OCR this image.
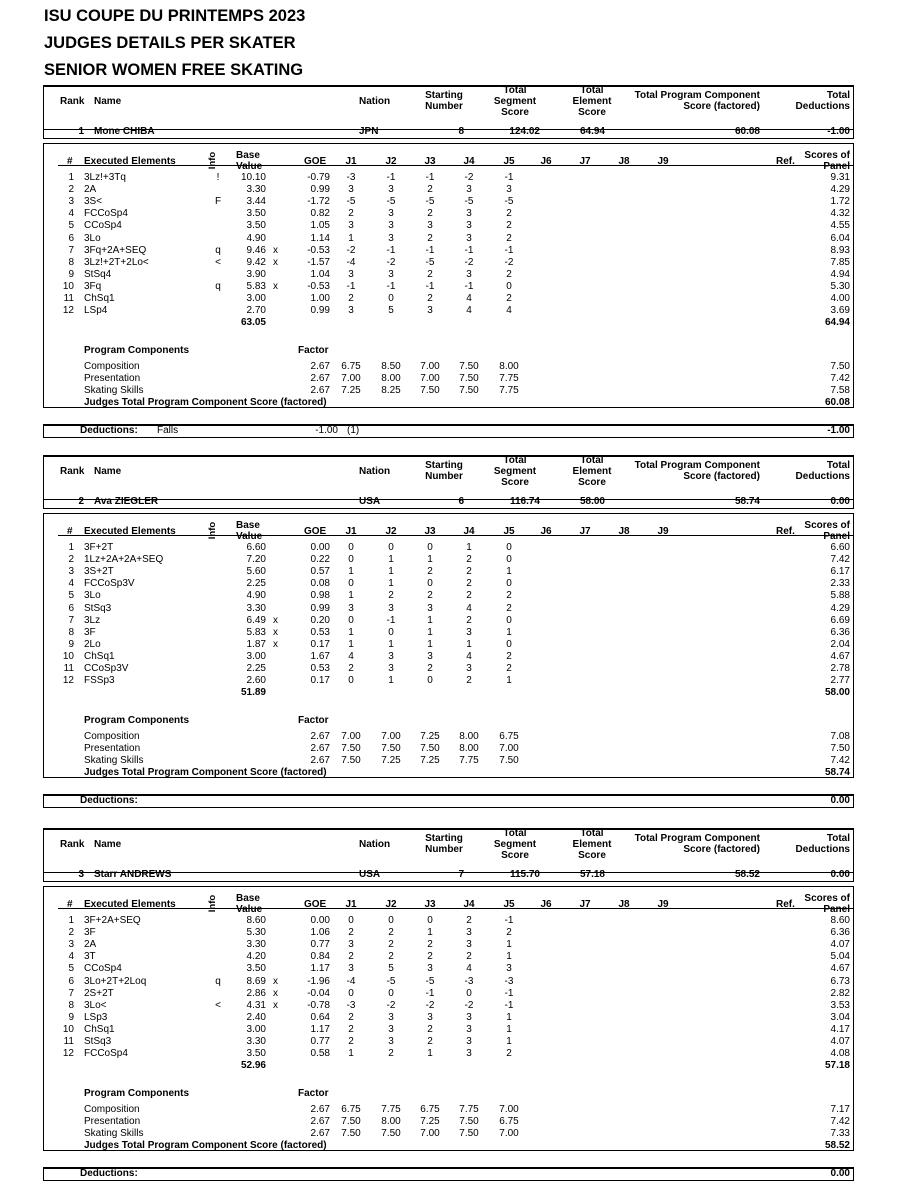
ISU COUPE DU PRINTEMPS 2023
JUDGES DETAILS PER SKATER
SENIOR WOMEN FREE SKATING
Rank Name	Nation
Starting
Number
Total
Segment
Score
Total
Element
Score
Total Program Component
Score (factored)
Total
Deductions
1 Mone CHIBA	JPN	8	124.02	64.94	60.08	-1.00
# Executed Elements	Info Base
Value	GOE	J1	J2	J3	J4	J5	J6	J7	J8	J9	Ref.
Scores of
Panel
1 3Lz!+3Tq	!	10.10	-0.79	-3	-1	-1	-2	-1	9.31
2 2A	3.30	0.99	3	3	2	3	3	4.29
3 3S<	F	3.44	-1.72	-5	-5	-5	-5	-5	1.72
4 FCCoSp4	3.50	0.82	2	3	2	3	2	4.32
5 CCoSp4	3.50	1.05	3	3	3	3	2	4.55
6 3Lo	4.90	1.14	1	3	2	3	2	6.04
7 3Fq+2A+SEQ	q	9.46 x	-0.53	-2	-1	-1	-1	-1	8.93
8 3Lz!+2T+2Lo<	<	9.42 x	-1.57	-4	-2	-5	-2	-2	7.85
9 StSq4	3.90	1.04	3	3	2	3	2	4.94
10 3Fq	q	5.83 x	-0.53	-1	-1	-1	-1	0	5.30
11 ChSq1	3.00	1.00	2	0	2	4	2	4.00
12 LSp4	2.70	0.99	3	5	3	4	4	3.69
63.05	64.94
Program Components	Factor
Composition	2.67	6.75	8.50	7.00	7.50	8.00	7.50
Presentation	2.67	7.00	8.00	7.00	7.50	7.75	7.42
Skating Skills	2.67	7.25	8.25	7.50	7.50	7.75	7.58
Judges Total Program Component Score (factored)	60.08
Deductions: Falls	-1.00 (1)	-1.00
Rank Name	Nation
Starting
Number
Total
Segment
Score
Total
Element
Score
Total Program Component
Score (factored)
Total
Deductions
2 Ava ZIEGLER	USA	6	116.74	58.00	58.74	0.00
# Executed Elements	Info Base
Value	GOE	J1	J2	J3	J4	J5	J6	J7	J8	J9	Ref.
Scores of
Panel
1 3F+2T	6.60	0.00	0	0	0	1	0	6.60
2 1Lz+2A+2A+SEQ	7.20	0.22	0	1	1	2	0	7.42
3 3S+2T	5.60	0.57	1	1	2	2	1	6.17
4 FCCoSp3V	2.25	0.08	0	1	0	2	0	2.33
5 3Lo	4.90	0.98	1	2	2	2	2	5.88
6 StSq3	3.30	0.99	3	3	3	4	2	4.29
7 3Lz	6.49 x	0.20	0	-1	1	2	0	6.69
8 3F	5.83 x	0.53	1	0	1	3	1	6.36
9 2Lo	1.87 x	0.17	1	1	1	1	0	2.04
10 ChSq1	3.00	1.67	4	3	3	4	2	4.67
11 CCoSp3V	2.25	0.53	2	3	2	3	2	2.78
12 FSSp3	2.60	0.17	0	1	0	2	1	2.77
51.89	58.00
Program Components	Factor
Composition	2.67	7.00	7.00	7.25	8.00	6.75	7.08
Presentation	2.67	7.50	7.50	7.50	8.00	7.00	7.50
Skating Skills	2.67	7.50	7.25	7.25	7.75	7.50	7.42
Judges Total Program Component Score (factored)	58.74
Deductions:	0.00
Rank Name	Nation
Starting
Number
Total
Segment
Score
Total
Element
Score
Total Program Component
Score (factored)
Total
Deductions
3 Starr ANDREWS	USA	7	115.70	57.18	58.52	0.00
# Executed Elements	Info Base
Value	GOE	J1	J2	J3	J4	J5	J6	J7	J8	J9	Ref.
Scores of
Panel
1 3F+2A+SEQ	8.60	0.00	0	0	0	2	-1	8.60
2 3F	5.30	1.06	2	2	1	3	2	6.36
3 2A	3.30	0.77	3	2	2	3	1	4.07
4 3T	4.20	0.84	2	2	2	2	1	5.04
5 CCoSp4	3.50	1.17	3	5	3	4	3	4.67
6 3Lo+2T+2Loq	q	8.69 x	-1.96	-4	-5	-5	-3	-3	6.73
7 2S+2T	2.86 x	-0.04	0	0	-1	0	-1	2.82
8 3Lo<	<	4.31 x	-0.78	-3	-2	-2	-2	-1	3.53
9 LSp3	2.40	0.64	2	3	3	3	1	3.04
10 ChSq1	3.00	1.17	2	3	2	3	1	4.17
11 StSq3	3.30	0.77	2	3	2	3	1	4.07
12 FCCoSp4	3.50	0.58	1	2	1	3	2	4.08
52.96	57.18
Program Components	Factor
Composition	2.67	6.75	7.75	6.75	7.75	7.00	7.17
Presentation	2.67	7.50	8.00	7.25	7.50	6.75	7.42
Skating Skills	2.67	7.50	7.50	7.00	7.50	7.00	7.33
Judges Total Program Component Score (factored)	58.52
Deductions:	0.00
